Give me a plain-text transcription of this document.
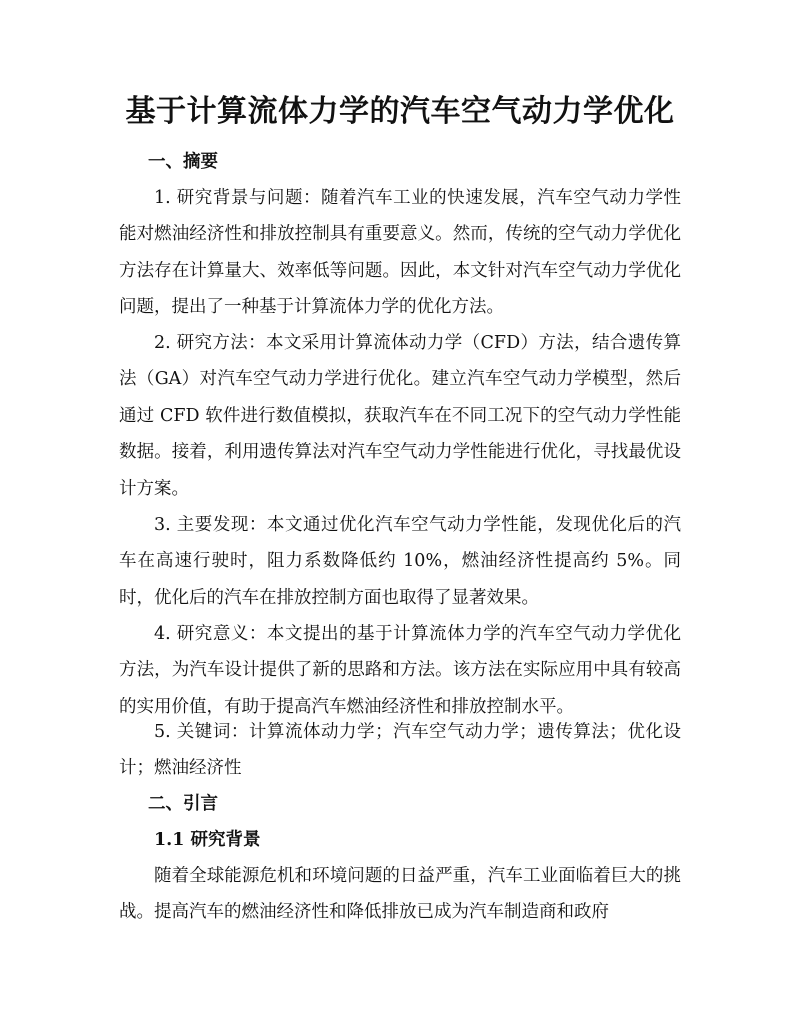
基于计算流体力学的汽车空气动力学优化
一、摘要

1. 研究背景与问题：随着汽车工业的快速发展，汽车空气动力学性能对燃油经济性和排放控制具有重要意义。然而，传统的空气动力学优化方法存在计算量大、效率低等问题。因此，本文针对汽车空气动力学优化问题，提出了一种基于计算流体力学的优化方法。

2. 研究方法：本文采用计算流体动力学（CFD）方法，结合遗传算法（GA）对汽车空气动力学进行优化。建立汽车空气动力学模型，然后通过 CFD 软件进行数值模拟，获取汽车在不同工况下的空气动力学性能数据。接着，利用遗传算法对汽车空气动力学性能进行优化，寻找最优设计方案。

3. 主要发现：本文通过优化汽车空气动力学性能，发现优化后的汽车在高速行驶时，阻力系数降低约 10%，燃油经济性提高约 5%。同时，优化后的汽车在排放控制方面也取得了显著效果。

4. 研究意义：本文提出的基于计算流体力学的汽车空气动力学优化方法，为汽车设计提供了新的思路和方法。该方法在实际应用中具有较高的实用价值，有助于提高汽车燃油经济性和排放控制水平。

5. 关键词：计算流体动力学；汽车空气动力学；遗传算法；优化设计；燃油经济性

二、引言
1.1 研究背景

随着全球能源危机和环境问题的日益严重，汽车工业面临着巨大的挑战。提高汽车的燃油经济性和降低排放已成为汽车制造商和政府
